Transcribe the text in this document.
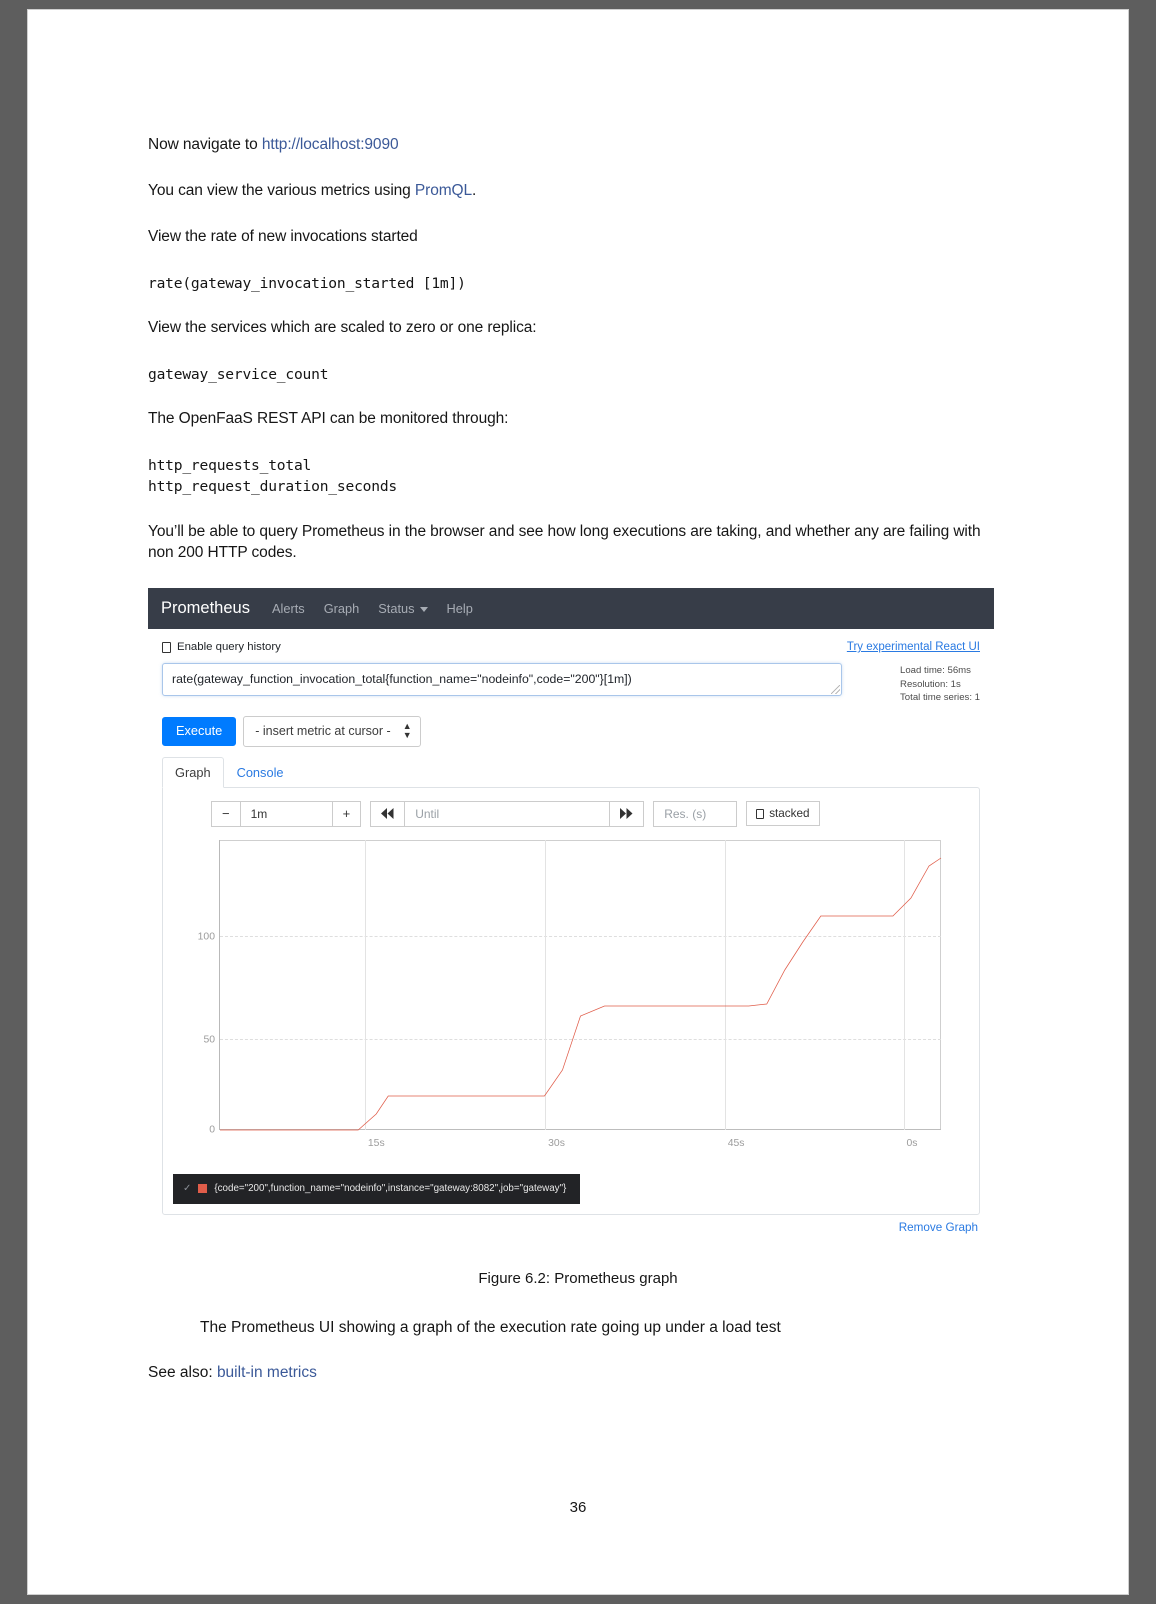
Now navigate to http://localhost:9090

You can view the various metrics using PromQL.

View the rate of new invocations started

rate(gateway_invocation_started [1m])

View the services which are scaled to zero or one replica:

gateway_service_count

The OpenFaaS REST API can be monitored through:

http_requests_total
http_request_duration_seconds

You’ll be able to query Prometheus in the browser and see how long executions are taking, and whether any are failing with non 200 HTTP codes.

Prometheus Alerts Graph Status	Help
Enable query history	Try experimental React UI
rate(gateway_function_invocation_total{function_name="nodeinfo",code="200"}[1m])
Load time: 56ms
Resolution: 1s
Total time series: 1
Execute	- insert metric at cursor - ▲
▼
Graph	Console
−	1m	+	Until	Res. (s)	stacked
100
50
0
15s	30s	45s	0s
✓ {code="200",function_name="nodeinfo",instance="gateway:8082",job="gateway"}
Remove Graph
Figure 6.2: Prometheus graph
The Prometheus UI showing a graph of the execution rate going up under a load test
See also: built-in metrics
36
